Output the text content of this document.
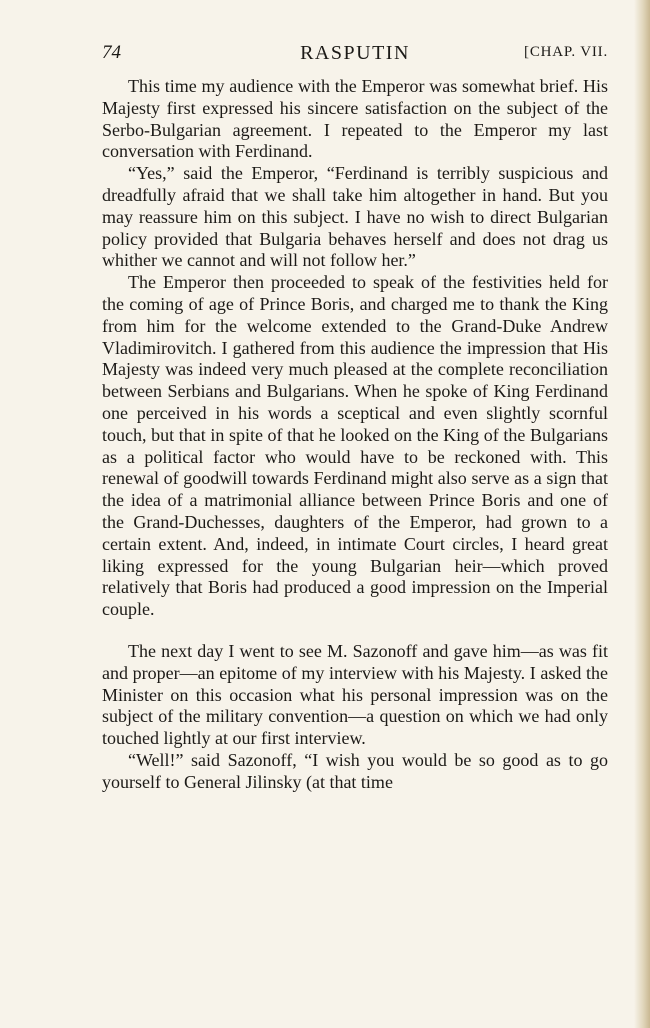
74	RASPUTIN	[CHAP. VII.

This time my audience with the Emperor was somewhat brief. His Majesty first expressed his sincere satisfaction on the subject of the Serbo-Bulgarian agreement. I repeated to the Emperor my last conversation with Ferdinand.

“Yes,” said the Emperor, “Ferdinand is terribly suspicious and dreadfully afraid that we shall take him altogether in hand. But you may reassure him on this subject. I have no wish to direct Bulgarian policy provided that Bulgaria behaves herself and does not drag us whither we cannot and will not follow her.”

The Emperor then proceeded to speak of the festivities held for the coming of age of Prince Boris, and charged me to thank the King from him for the welcome extended to the Grand-Duke Andrew Vladimirovitch. I gathered from this audience the impression that His Majesty was indeed very much pleased at the complete reconciliation between Serbians and Bulgarians. When he spoke of King Ferdinand one perceived in his words a sceptical and even slightly scornful touch, but that in spite of that he looked on the King of the Bulgarians as a political factor who would have to be reckoned with. This renewal of goodwill towards Ferdinand might also serve as a sign that the idea of a matrimonial alliance between Prince Boris and one of the Grand-Duchesses, daughters of the Emperor, had grown to a certain extent. And, indeed, in intimate Court circles, I heard great liking expressed for the young Bulgarian heir—which proved relatively that Boris had produced a good impression on the Imperial couple.

The next day I went to see M. Sazonoff and gave him—as was fit and proper—an epitome of my interview with his Majesty. I asked the Minister on this occasion what his personal impression was on the subject of the military convention—a question on which we had only touched lightly at our first interview.

“Well!” said Sazonoff, “I wish you would be so good as to go yourself to General Jilinsky (at that time
